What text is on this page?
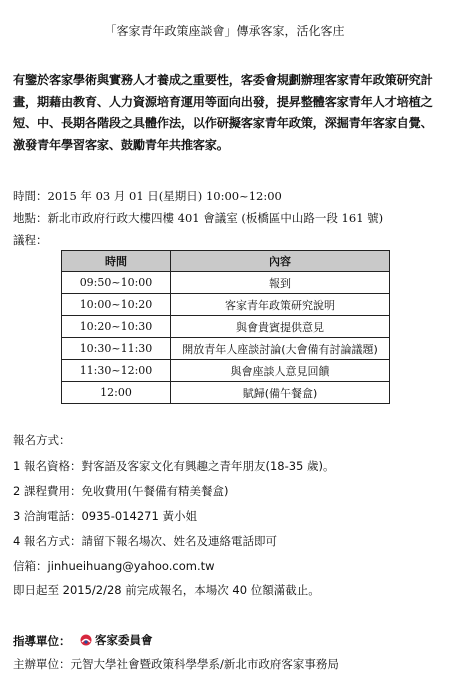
「客家青年政策座談會」傳承客家，活化客庄
有鑒於客家學術與實務人才養成之重要性，客委會規劃辦理客家青年政策研究計畫，期藉由教育、人力資源培育運用等面向出發，提昇整體客家青年人才培植之短、中、長期各階段之具體作法，以作研擬客家青年政策，深掘青年客家自覺、激發青年學習客家、鼓勵青年共推客家。
時間：2015 年 03 月 01 日(星期日) 10:00~12:00
地點：新北市政府行政大樓四樓 401 會議室 (板橋區中山路一段 161 號)
議程：
時間	內容
09:50~10:00	報到
10:00~10:20	客家青年政策研究說明
10:20~10:30	與會貴賓提供意見
10:30~11:30	開放青年人座談討論(大會備有討論議題)
11:30~12:00	與會座談人意見回饋
12:00	賦歸(備午餐盒)
報名方式：
1 報名資格：對客語及客家文化有興趣之青年朋友(18-35 歲)。
2 課程費用：免收費用(午餐備有精美餐盒)
3 洽詢電話：0935-014271 黃小姐
4 報名方式：請留下報名場次、姓名及連絡電話即可
信箱：jinhueihuang@yahoo.com.tw
即日起至 2015/2/28 前完成報名，本場次 40 位額滿截止。
指導單位： 客家委員會
主辦單位：元智大學社會暨政策科學學系/新北市政府客家事務局
